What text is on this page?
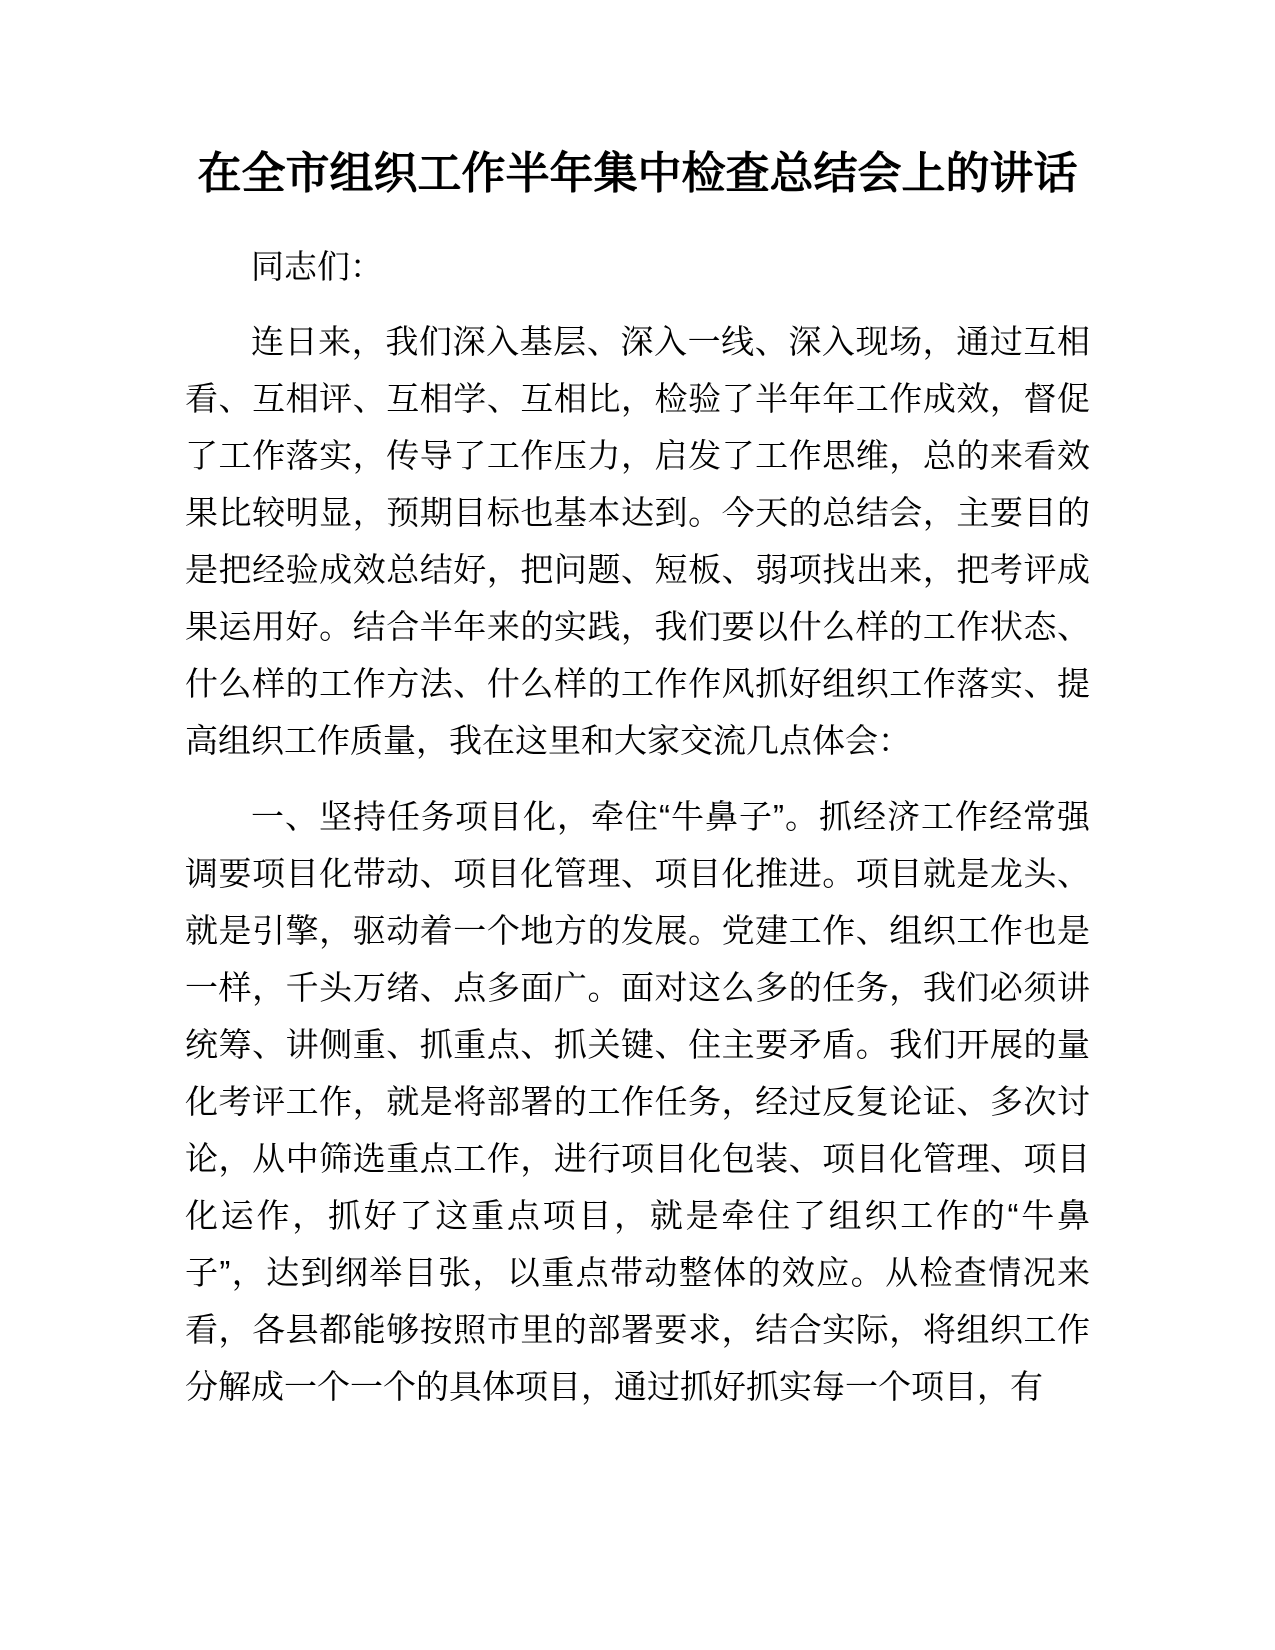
在全市组织工作半年集中检查总结会上的讲话

同志们：

连日来，我们深入基层、深入一线、深入现场，通过互相看、互相评、互相学、互相比，检验了半年年工作成效，督促了工作落实，传导了工作压力，启发了工作思维，总的来看效果比较明显，预期目标也基本达到。今天的总结会，主要目的是把经验成效总结好，把问题、短板、弱项找出来，把考评成果运用好。结合半年来的实践，我们要以什么样的工作状态、什么样的工作方法、什么样的工作作风抓好组织工作落实、提高组织工作质量，我在这里和大家交流几点体会：

一、坚持任务项目化，牵住“牛鼻子”。抓经济工作经常强调要项目化带动、项目化管理、项目化推进。项目就是龙头、就是引擎，驱动着一个地方的发展。党建工作、组织工作也是一样，千头万绪、点多面广。面对这么多的任务，我们必须讲统筹、讲侧重、抓重点、抓关键、住主要矛盾。我们开展的量化考评工作，就是将部署的工作任务，经过反复论证、多次讨论，从中筛选重点工作，进行项目化包装、项目化管理、项目化运作，抓好了这重点项目，就是牵住了组织工作的“牛鼻子”，达到纲举目张，以重点带动整体的效应。从检查情况来看，各县都能够按照市里的部署要求，结合实际，将组织工作分解成一个一个的具体项目，通过抓好抓实每一个项目，有
